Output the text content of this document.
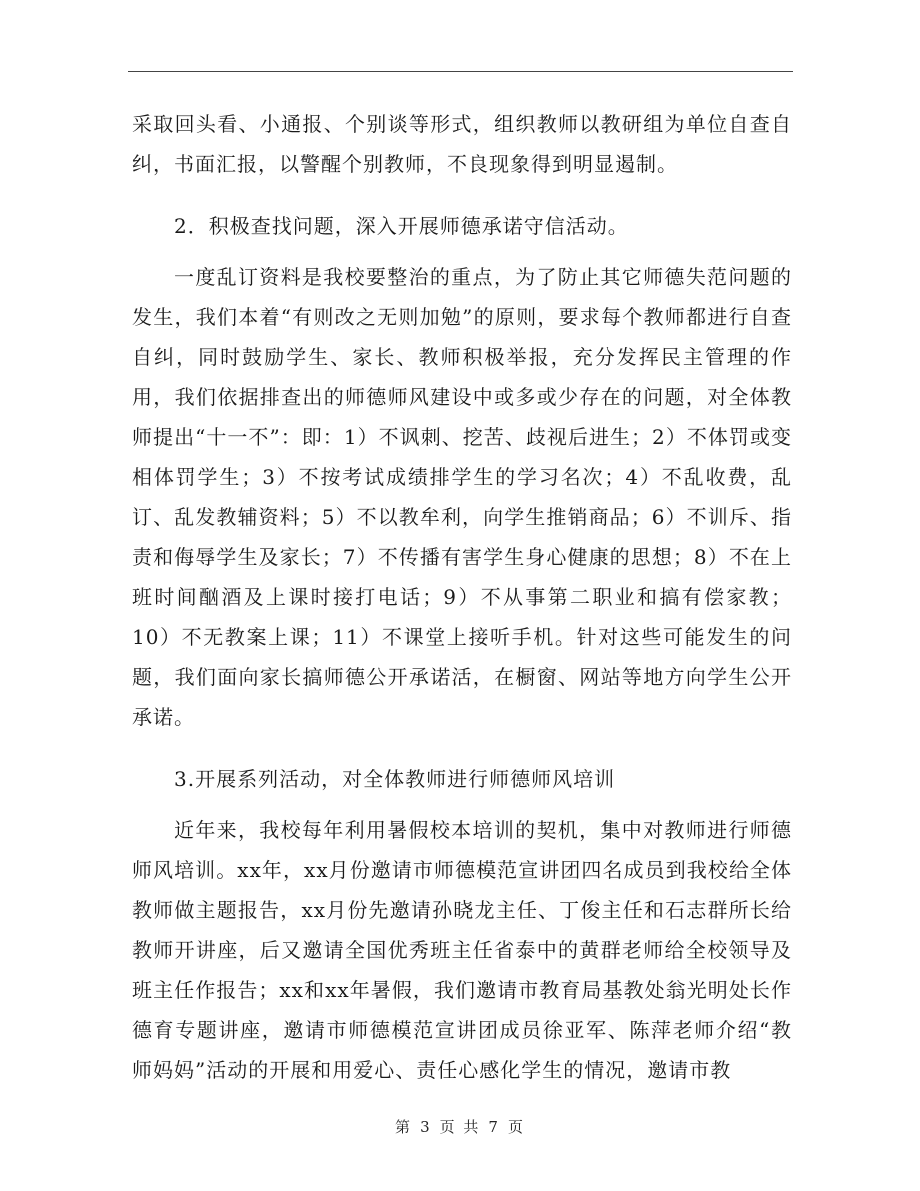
采取回头看、小通报、个别谈等形式，组织教师以教研组为单位自查自纠，书面汇报，以警醒个别教师，不良现象得到明显遏制。

2．积极查找问题，深入开展师德承诺守信活动。

一度乱订资料是我校要整治的重点，为了防止其它师德失范问题的发生，我们本着“有则改之无则加勉”的原则，要求每个教师都进行自查自纠，同时鼓励学生、家长、教师积极举报，充分发挥民主管理的作用，我们依据排查出的师德师风建设中或多或少存在的问题，对全体教师提出“十一不”：即：1）不讽刺、挖苦、歧视后进生；2）不体罚或变相体罚学生；3）不按考试成绩排学生的学习名次；4）不乱收费，乱订、乱发教辅资料；5）不以教牟利，向学生推销商品；6）不训斥、指责和侮辱学生及家长；7）不传播有害学生身心健康的思想；8）不在上班时间酗酒及上课时接打电话；9）不从事第二职业和搞有偿家教；10）不无教案上课；11）不课堂上接听手机。针对这些可能发生的问题，我们面向家长搞师德公开承诺活，在橱窗、网站等地方向学生公开承诺。

3.开展系列活动，对全体教师进行师德师风培训

近年来，我校每年利用暑假校本培训的契机，集中对教师进行师德师风培训。xx年，xx月份邀请市师德模范宣讲团四名成员到我校给全体教师做主题报告，xx月份先邀请孙晓龙主任、丁俊主任和石志群所长给教师开讲座，后又邀请全国优秀班主任省泰中的黄群老师给全校领导及班主任作报告；xx和xx年暑假，我们邀请市教育局基教处翁光明处长作德育专题讲座，邀请市师德模范宣讲团成员徐亚军、陈萍老师介绍“教师妈妈”活动的开展和用爱心、责任心感化学生的情况，邀请市教

第 3 页 共 7 页
